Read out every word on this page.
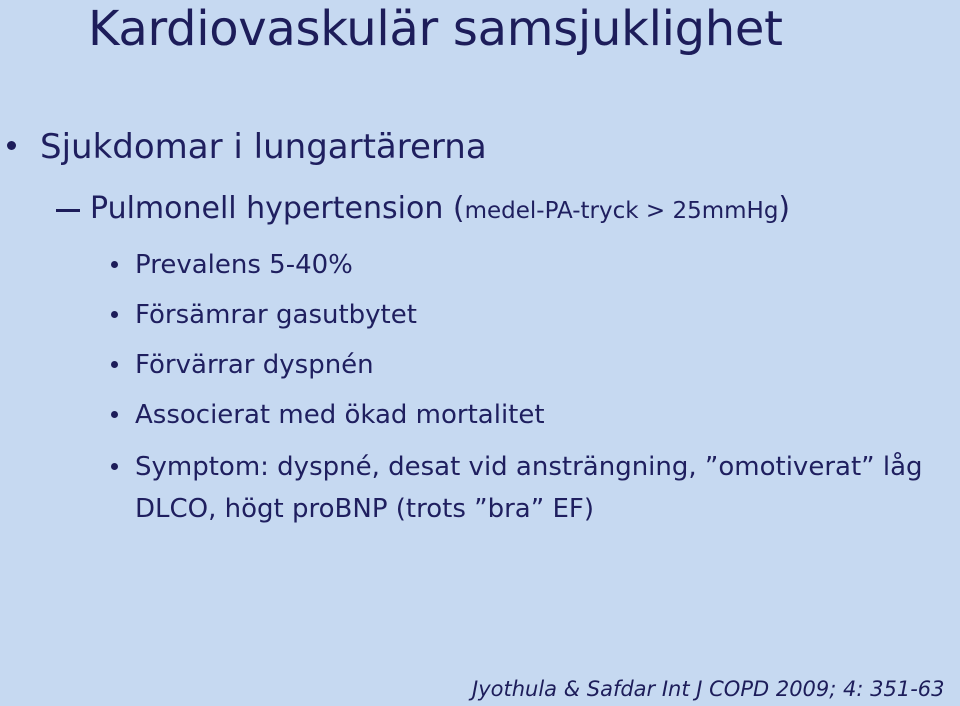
Kardiovaskulär samsjuklighet
Sjukdomar i lungartärerna
Pulmonell hypertension (medel-PA-tryck > 25mmHg)
Prevalens 5-40%
Försämrar gasutbytet
Förvärrar dyspnén
Associerat med ökad mortalitet
Symptom: dyspné, desat vid ansträngning, ”omotiverat” låg DLCO, högt proBNP (trots ”bra” EF)
Jyothula & Safdar Int J COPD 2009; 4: 351-63
